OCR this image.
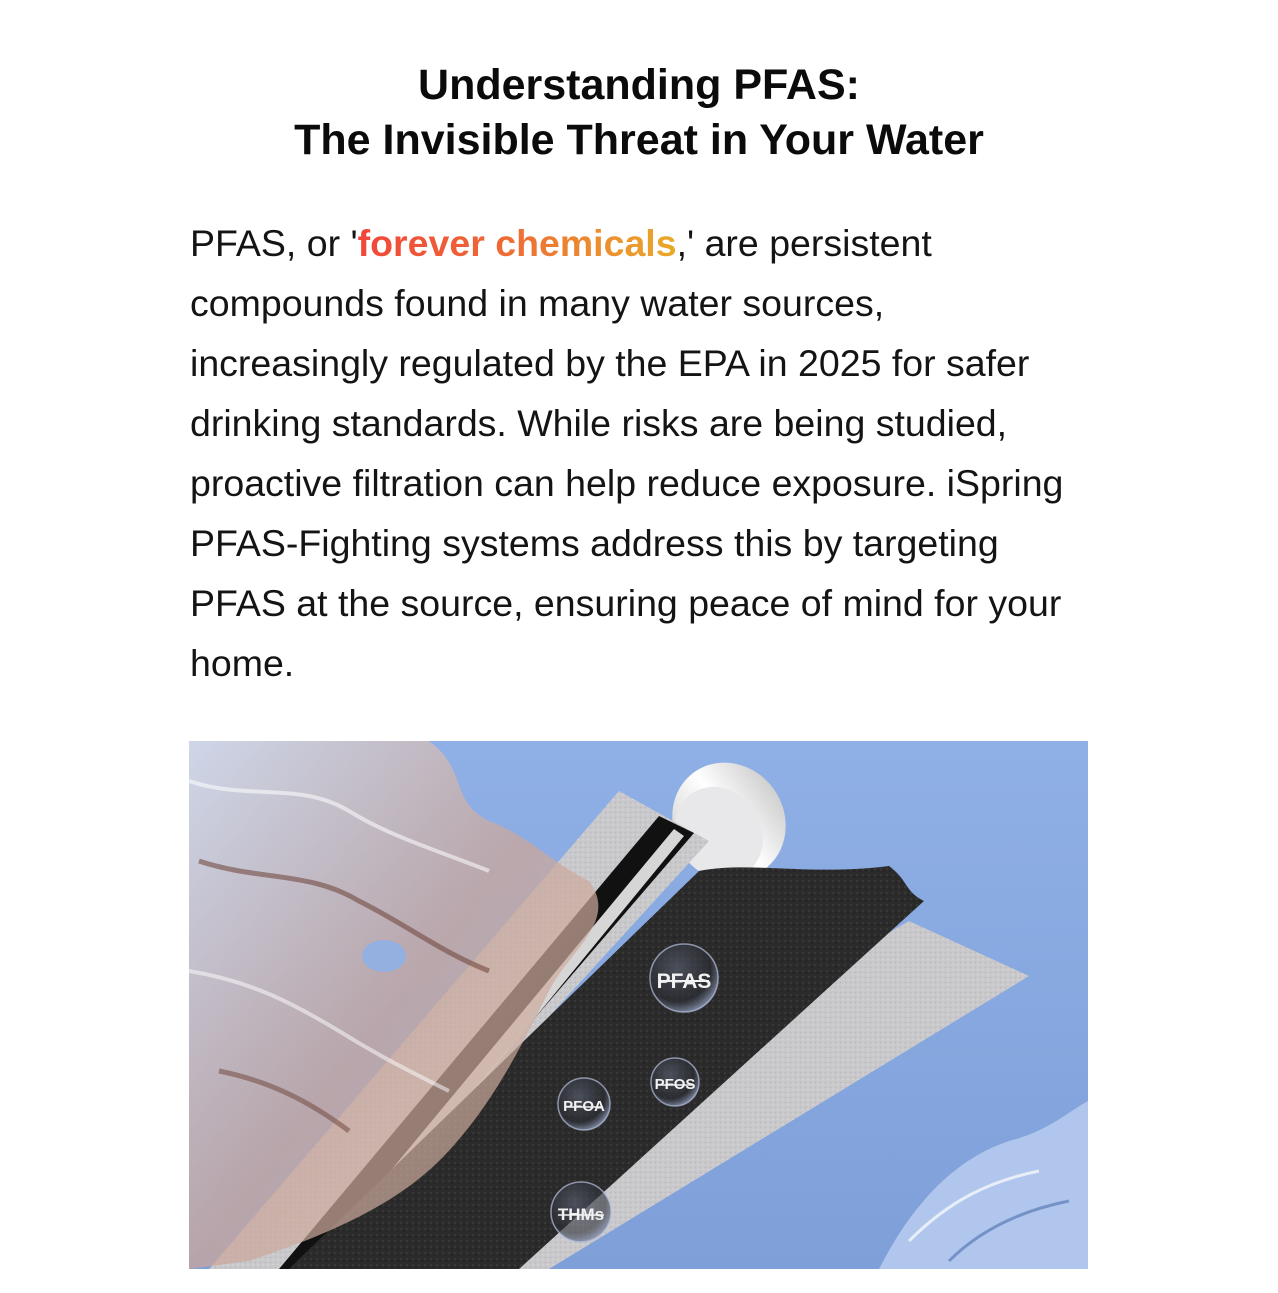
Understanding PFAS:
The Invisible Threat in Your Water

PFAS, or 'forever chemicals,' are persistent compounds found in many water sources, increasingly regulated by the EPA in 2025 for safer drinking standards. While risks are being studied, proactive filtration can help reduce exposure. iSpring PFAS-Fighting systems address this by targeting PFAS at the source, ensuring peace of mind for your home.

PFAS
PFOS
PFOA
THMs
